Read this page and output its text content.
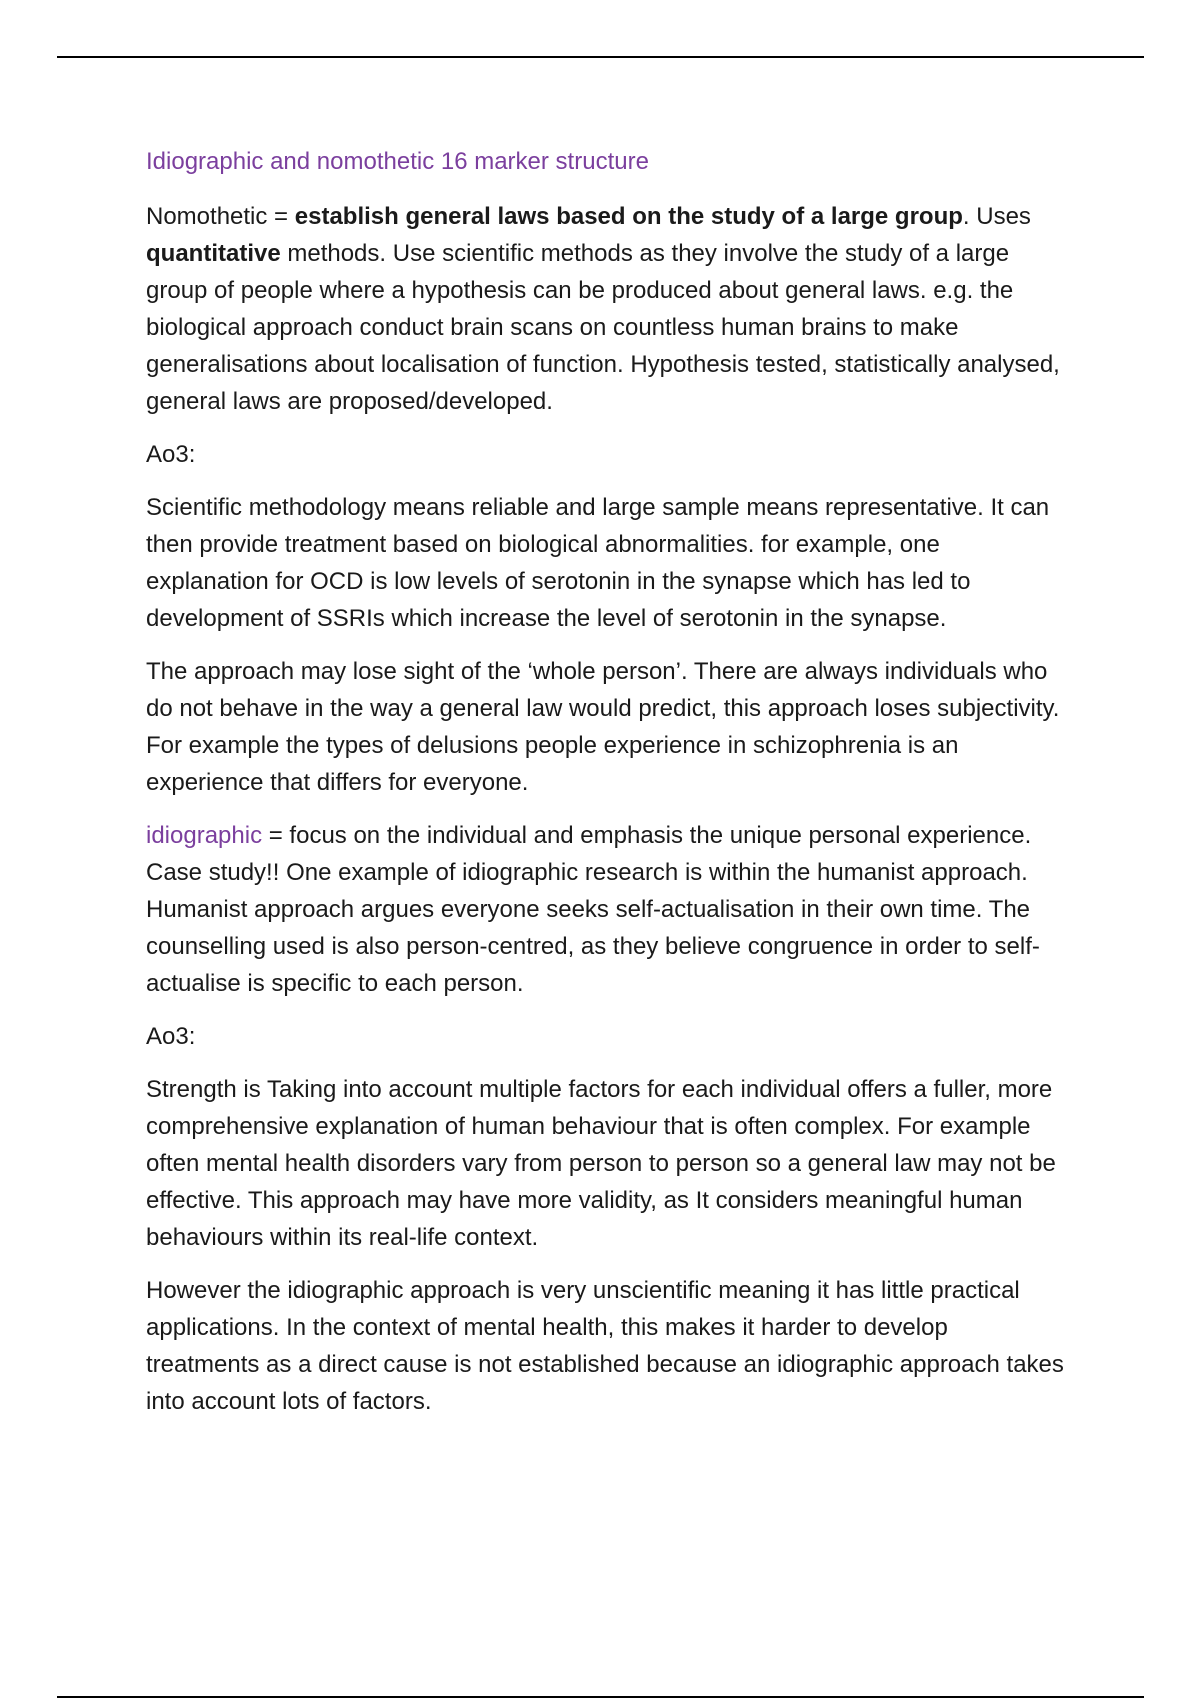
Idiographic and nomothetic 16 marker structure

Nomothetic = establish general laws based on the study of a large group. Uses quantitative methods. Use scientific methods as they involve the study of a large group of people where a hypothesis can be produced about general laws. e.g. the biological approach conduct brain scans on countless human brains to make generalisations about localisation of function. Hypothesis tested, statistically analysed, general laws are proposed/developed.

Ao3:

Scientific methodology means reliable and large sample means representative. It can then provide treatment based on biological abnormalities. for example, one explanation for OCD is low levels of serotonin in the synapse which has led to development of SSRIs which increase the level of serotonin in the synapse.

The approach may lose sight of the ‘whole person’. There are always individuals who do not behave in the way a general law would predict, this approach loses subjectivity. For example the types of delusions people experience in schizophrenia is an experience that differs for everyone.

idiographic = focus on the individual and emphasis the unique personal experience. Case study!! One example of idiographic research is within the humanist approach. Humanist approach argues everyone seeks self-actualisation in their own time. The counselling used is also person-centred, as they believe congruence in order to self-actualise is specific to each person.

Ao3:

Strength is Taking into account multiple factors for each individual offers a fuller, more comprehensive explanation of human behaviour that is often complex. For example often mental health disorders vary from person to person so a general law may not be effective. This approach may have more validity, as It considers meaningful human behaviours within its real-life context.

However the idiographic approach is very unscientific meaning it has little practical applications. In the context of mental health, this makes it harder to develop treatments as a direct cause is not established because an idiographic approach takes into account lots of factors.
